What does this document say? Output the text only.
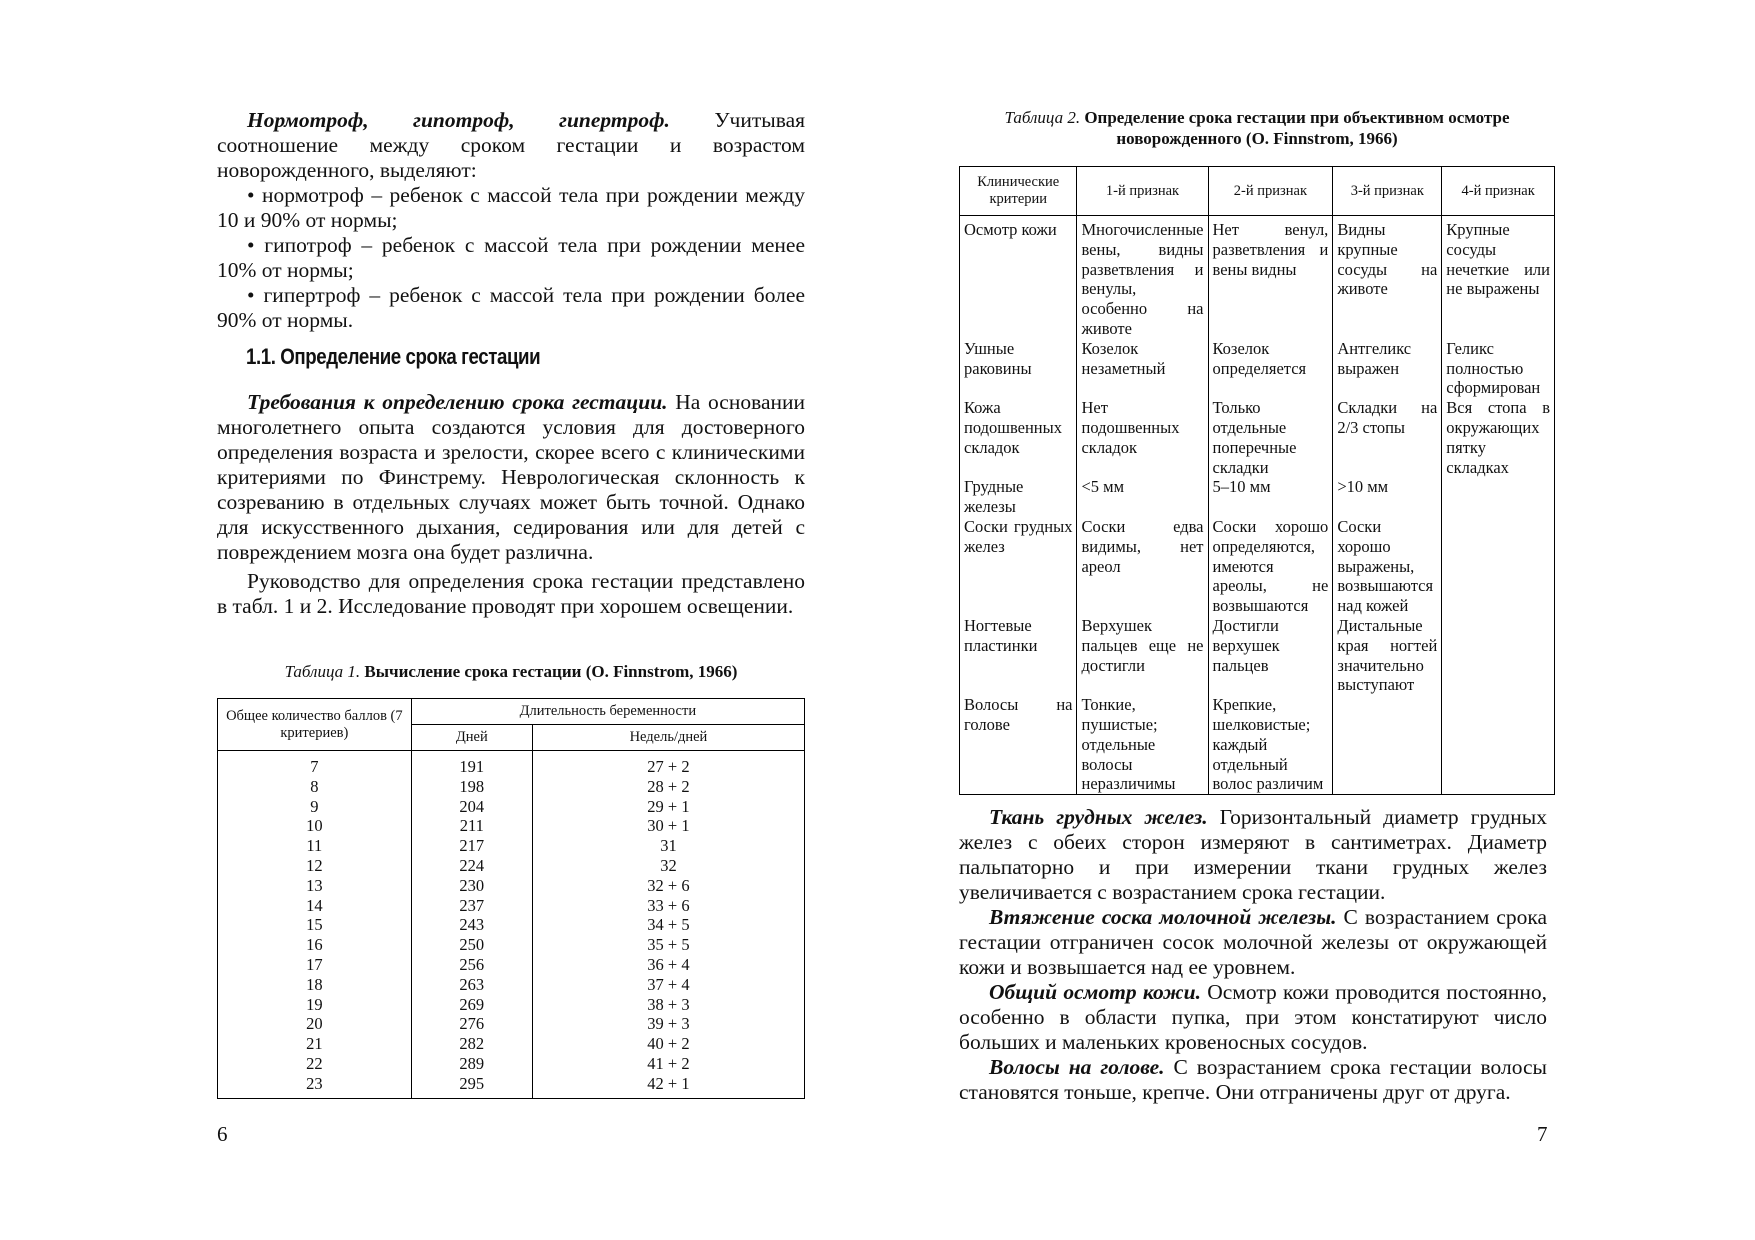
Нормотроф, гипотроф, гипертроф. Учитывая соотношение между сроком гестации и возрастом новорожденного, выделяют:

• нормотроф – ребенок с массой тела при рождении между 10 и 90% от нормы;

• гипотроф – ребенок с массой тела при рождении менее 10% от нормы;

• гипертроф – ребенок с массой тела при рождении более 90% от нормы.

1.1. Определение срока гестации

Требования к определению срока гестации. На основании многолетнего опыта создаются условия для достоверного определения возраста и зрелости, скорее всего с клиническими критериями по Финстрему. Неврологическая склонность к созреванию в отдельных случаях может быть точной. Однако для искусственного дыхания, седирования или для детей с повреждением мозга она будет различна.

Руководство для определения срока гестации представлено в табл. 1 и 2. Исследование проводят при хорошем освещении.

Таблица 1. Вычисление срока гестации (O. Finnstrom, 1966)
Общее количество баллов (7 критериев)	Длительность беременности	
	Дней	Недель/дней
7	191	27 + 2
8	198	28 + 2
9	204	29 + 1
10	211	30 + 1
11	217	31
12	224	32
13	230	32 + 6
14	237	33 + 6
15	243	34 + 5
16	250	35 + 5
17	256	36 + 4
18	263	37 + 4
19	269	38 + 3
20	276	39 + 3
21	282	40 + 2
22	289	41 + 2
23	295	42 + 1
6
Таблица 2. Определение срока гестации при объективном осмотре новорожденного (O. Finnstrom, 1966)
Клинические критерии	1-й признак	2-й признак	3-й признак	4-й признак
Осмотр кожи	Многочисленные вены, видны разветвления и венулы, особенно на животе	Нет венул, разветвления и вены видны	Видны крупные сосуды на животе	Крупные сосуды нечеткие или не выражены
Ушные раковины	Козелок незаметный	Козелок определяется	Антгеликс выражен	Геликс полностью сформирован
Кожа подошвенных складок	Нет подошвенных складок	Только отдельные поперечные складки	Складки на 2/3 стопы	Вся стопа в окружающих пятку складках
Грудные железы	<5 мм	5–10 мм	>10 мм	
Соски грудных желез	Соски едва видимы, нет ареол	Соски хорошо определяются, имеются ареолы, не возвышаются	Соски хорошо выражены, возвышаются над кожей	
Ногтевые пластинки	Верхушек пальцев еще не достигли	Достигли верхушек пальцев	Дистальные края ногтей значительно выступают	
Волосы на голове	Тонкие, пушистые; отдельные волосы неразличимы	Крепкие, шелковистые; каждый отдельный волос различим		

Ткань грудных желез. Горизонтальный диаметр грудных желез с обеих сторон измеряют в сантиметрах. Диаметр пальпаторно и при измерении ткани грудных желез увеличивается с возрастанием срока гестации.

Втяжение соска молочной железы. С возрастанием срока гестации отграничен сосок молочной железы от окружающей кожи и возвышается над ее уровнем.

Общий осмотр кожи. Осмотр кожи проводится постоянно, особенно в области пупка, при этом констатируют число больших и маленьких кровеносных сосудов.

Волосы на голове. С возрастанием срока гестации волосы становятся тоньше, крепче. Они отграничены друг от друга.

7
